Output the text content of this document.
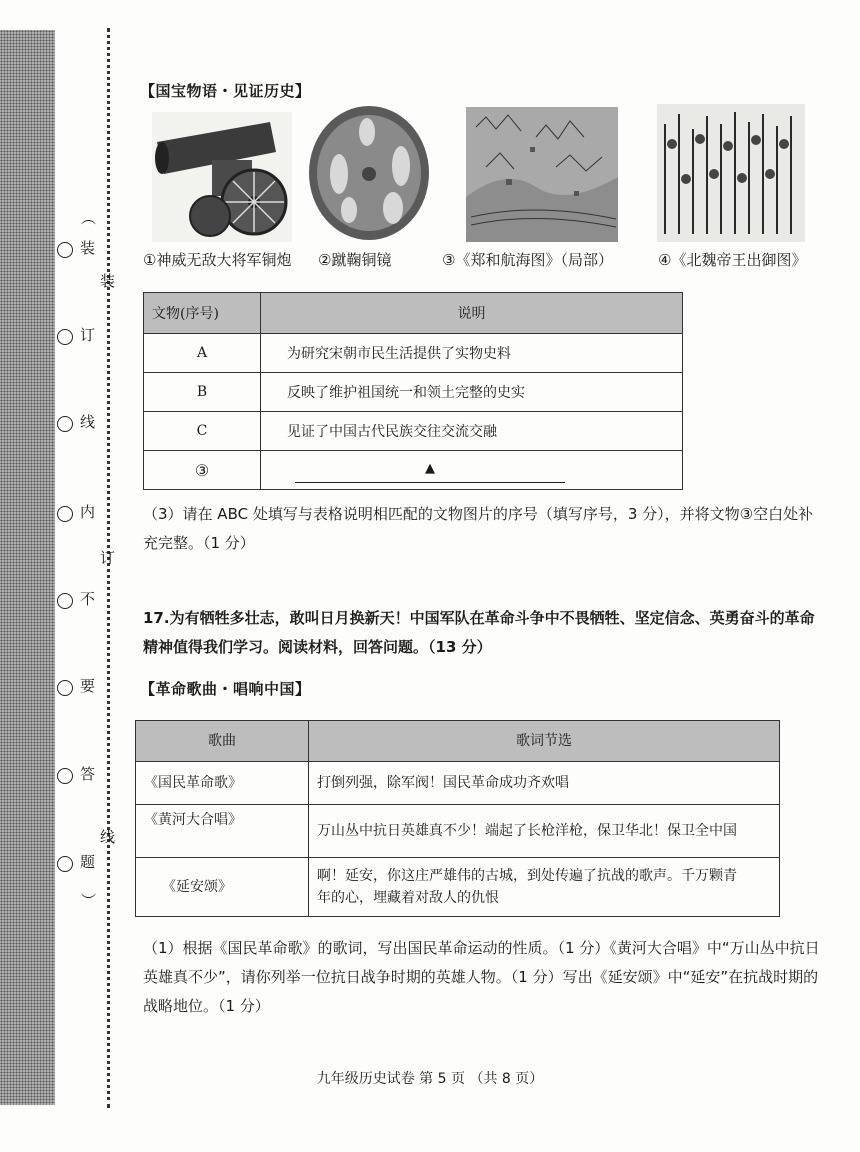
︵
︶
装
订
线
内
不
要
答
题
装
订
线
【国宝物语・见证历史】
①神威无敌大将军铜炮 ②蹴鞠铜镜	③《郑和航海图》（局部）	④《北魏帝王出御图》
文物(序号)	说明
A	为研究宋朝市民生活提供了实物史料
B	反映了维护祖国统一和领土完整的史实
C	见证了中国古代民族交往交流交融
③	▲
（3）请在 ABC 处填写与表格说明相匹配的文物图片的序号（填写序号，3 分），并将文物③空白处补充完整。（1 分）
17.为有牺牲多壮志，敢叫日月换新天！中国军队在革命斗争中不畏牺牲、坚定信念、英勇奋斗的革命精神值得我们学习。阅读材料，回答问题。（13 分）
【革命歌曲・唱响中国】
歌曲	歌词节选
《国民革命歌》	打倒列强，除军阀！国民革命成功齐欢唱
《黄河大合唱》	万山丛中抗日英雄真不少！端起了长枪洋枪，保卫华北！保卫全中国
《延安颂》	啊！延安，你这庄严雄伟的古城，到处传遍了抗战的歌声。千万颗青年的心，埋藏着对敌人的仇恨
（1）根据《国民革命歌》的歌词，写出国民革命运动的性质。（1 分）《黄河大合唱》中“万山丛中抗日英雄真不少”，请你列举一位抗日战争时期的英雄人物。（1 分）写出《延安颂》中“延安”在抗战时期的战略地位。（1 分）
九年级历史试卷 第 5 页 （共 8 页）
